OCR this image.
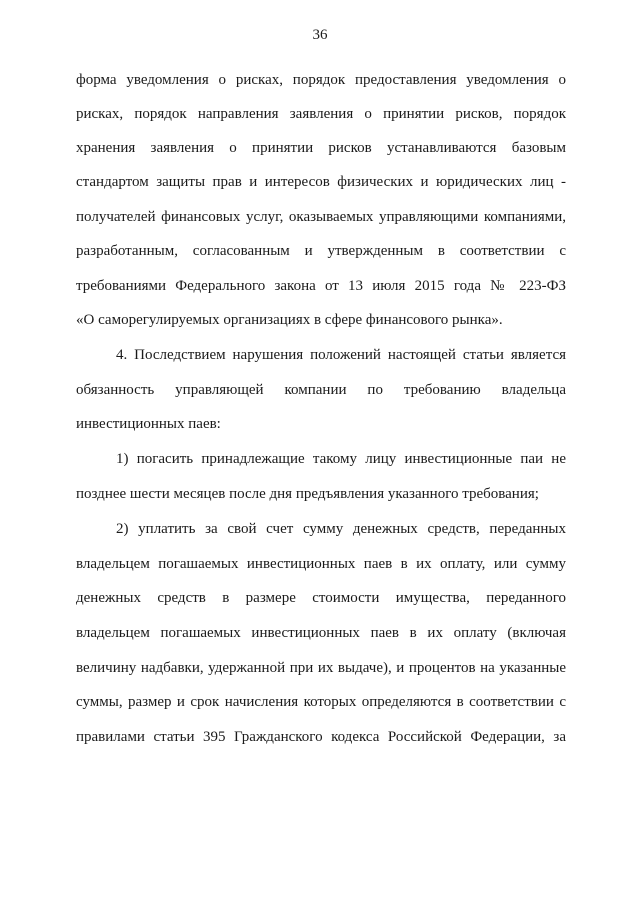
36
форма уведомления о рисках, порядок предоставления уведомления о
рисках, порядок направления заявления о принятии рисков, порядок
хранения заявления о принятии рисков устанавливаются базовым
стандартом защиты прав и интересов физических и юридических лиц -
получателей финансовых услуг, оказываемых управляющими компаниями,
разработанным, согласованным и утвержденным в соответствии с
требованиями Федерального закона от 13 июля 2015 года № 223-ФЗ
«О саморегулируемых организациях в сфере финансового рынка».
4. Последствием нарушения положений настоящей статьи является
обязанность управляющей компании по требованию владельца
инвестиционных паев:
1) погасить принадлежащие такому лицу инвестиционные паи не
позднее шести месяцев после дня предъявления указанного требования;
2) уплатить за свой счет сумму денежных средств, переданных
владельцем погашаемых инвестиционных паев в их оплату, или сумму
денежных средств в размере стоимости имущества, переданного
владельцем погашаемых инвестиционных паев в их оплату (включая
величину надбавки, удержанной при их выдаче), и процентов на указанные
суммы, размер и срок начисления которых определяются в соответствии с
правилами статьи 395 Гражданского кодекса Российской Федерации, за
